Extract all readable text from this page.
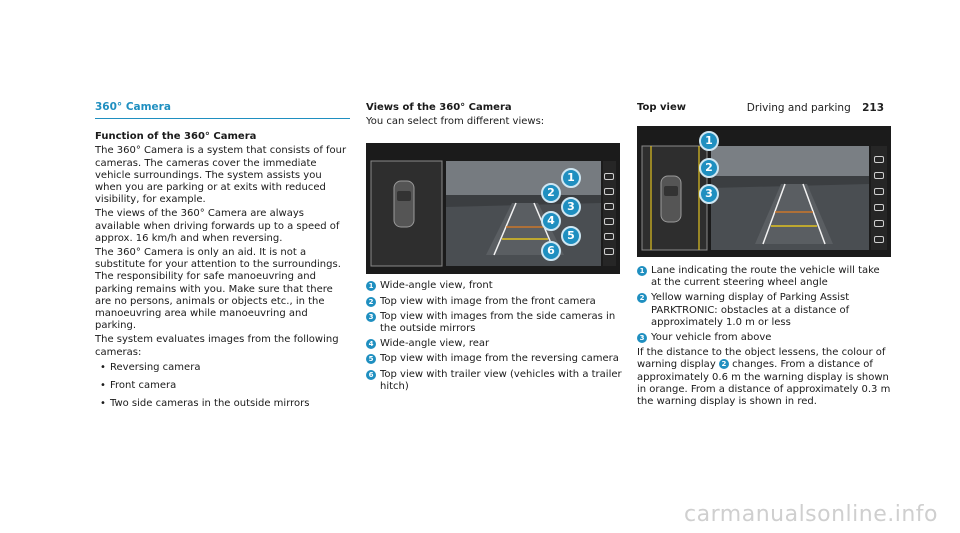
Driving and parking 213
360° Camera

Function of the 360° Camera

The 360° Camera is a system that consists of four cameras. The cameras cover the immediate vehicle surroundings. The system assists you when you are parking or at exits with reduced visibility, for example.

The views of the 360° Camera are always available when driving forwards up to a speed of approx. 16 km/h and when reversing.

The 360° Camera is only an aid. It is not a substitute for your attention to the surroundings. The responsibility for safe manoeuvring and parking remains with you. Make sure that there are no persons, animals or objects etc., in the manoeuvring area while manoeuvring and parking.

The system evaluates images from the following cameras:

• Reversing camera
• Front camera
• Two side cameras in the outside mirrors

Views of the 360° Camera

You can select from different views:

1
2
3
4
5
6
1 Wide-angle view, front
2 Top view with image from the front camera
3 Top view with images from the side cameras in the outside mirrors
4 Wide-angle view, rear
5 Top view with image from the reversing camera
6 Top view with trailer view (vehicles with a trailer hitch)

Top view

1
2
3
1 Lane indicating the route the vehicle will take at the current steering wheel angle
2 Yellow warning display of Parking Assist PARKTRONIC: obstacles at a distance of approximately 1.0 m or less
3 Your vehicle from above

If the distance to the object lessens, the colour of warning display 2 changes. From a distance of approximately 0.6 m the warning display is shown in orange. From a distance of approximately 0.3 m the warning display is shown in red.

carmanualsonline.info
